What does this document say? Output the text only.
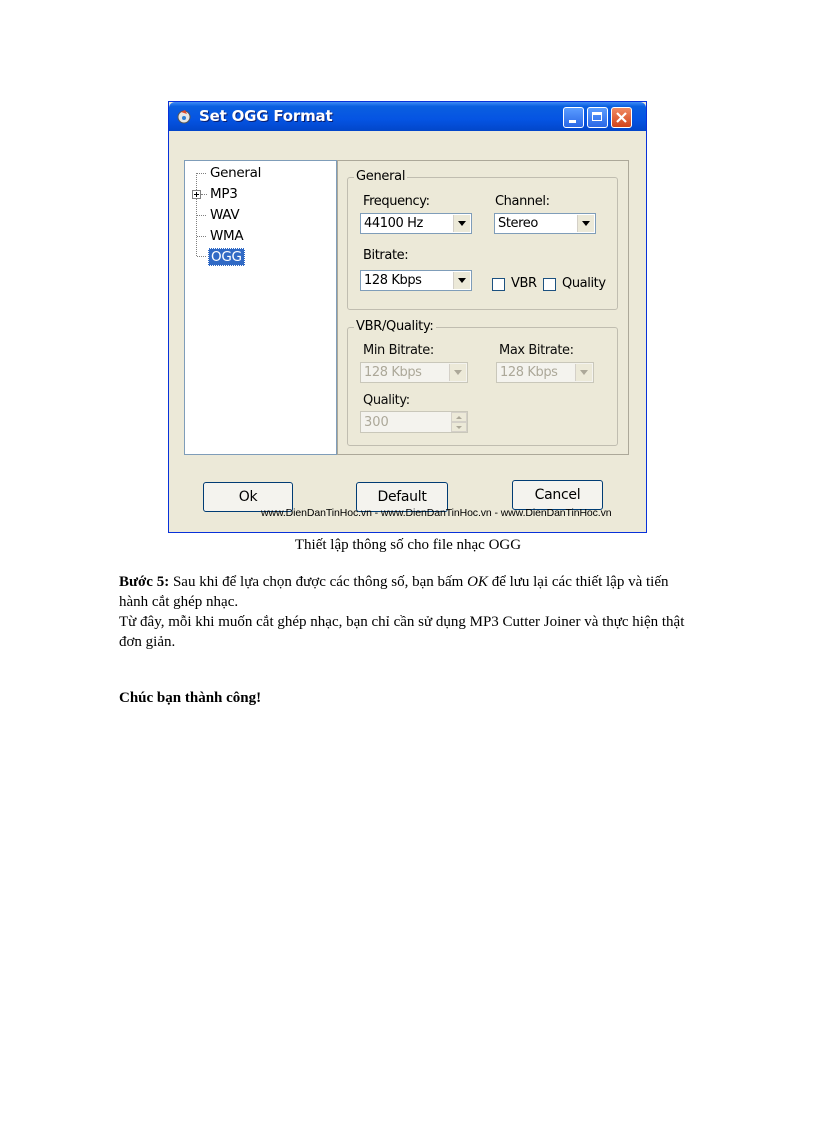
Set OGG Format
General
MP3
WAV
WMA
OGG
General
Frequency:
44100 Hz
Channel:
Stereo
Bitrate:
128 Kbps	VBR Quality
VBR/Quality:
Min Bitrate:
128 Kbps
Max Bitrate:
128 Kbps
Quality:
300
Ok	Default	Cancel
www.DienDanTinHoc.vn - www.DienDanTinHoc.vn - www.DienDanTinHoc.vn
Thiết lập thông số cho file nhạc OGG
Bước 5: Sau khi để lựa chọn được các thông số, bạn bấm OK để lưu lại các thiết lập và tiến hành cắt ghép nhạc.
Từ đây, mỗi khi muốn cắt ghép nhạc, bạn chỉ cần sử dụng MP3 Cutter Joiner và thực hiện thật đơn giản.
Chúc bạn thành công!
